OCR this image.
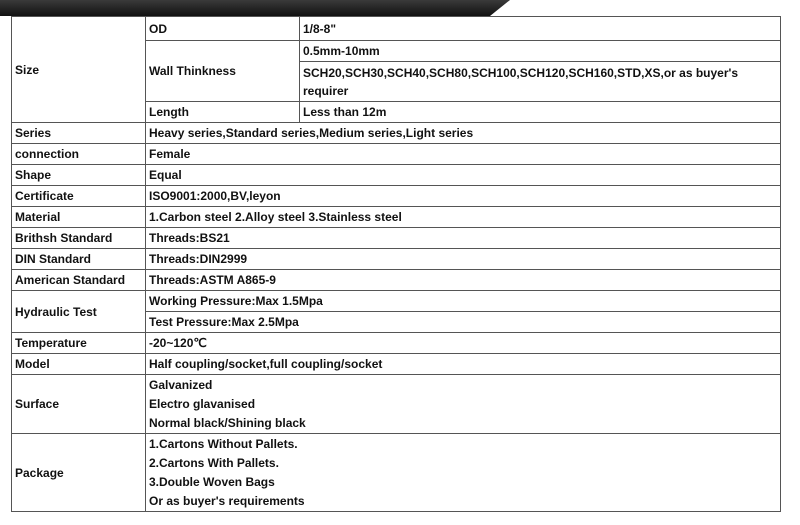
Size	OD	1/8-8"
	Wall Thinkness	0.5mm-10mm
		SCH20,SCH30,SCH40,SCH80,SCH100,SCH120,SCH160,STD,XS,or as buyer's requirer
	Length	Less than 12m
Series	Heavy series,Standard series,Medium series,Light series	
connection	Female	
Shape	Equal	
Certificate	ISO9001:2000,BV,leyon	
Material	1.Carbon steel 2.Alloy steel 3.Stainless steel	
Brithsh Standard	Threads:BS21	
DIN Standard	Threads:DIN2999	
American Standard	Threads:ASTM A865-9	
Hydraulic Test	Working Pressure:Max 1.5Mpa	
	Test Pressure:Max 2.5Mpa	
Temperature	-20~120℃	
Model	Half coupling/socket,full coupling/socket	
Surface	Galvanized
Electro glavanised
Normal black/Shining black	

Package	1.Cartons Without Pallets.
2.Cartons With Pallets.
3.Double Woven Bags
Or as buyer's requirements	
